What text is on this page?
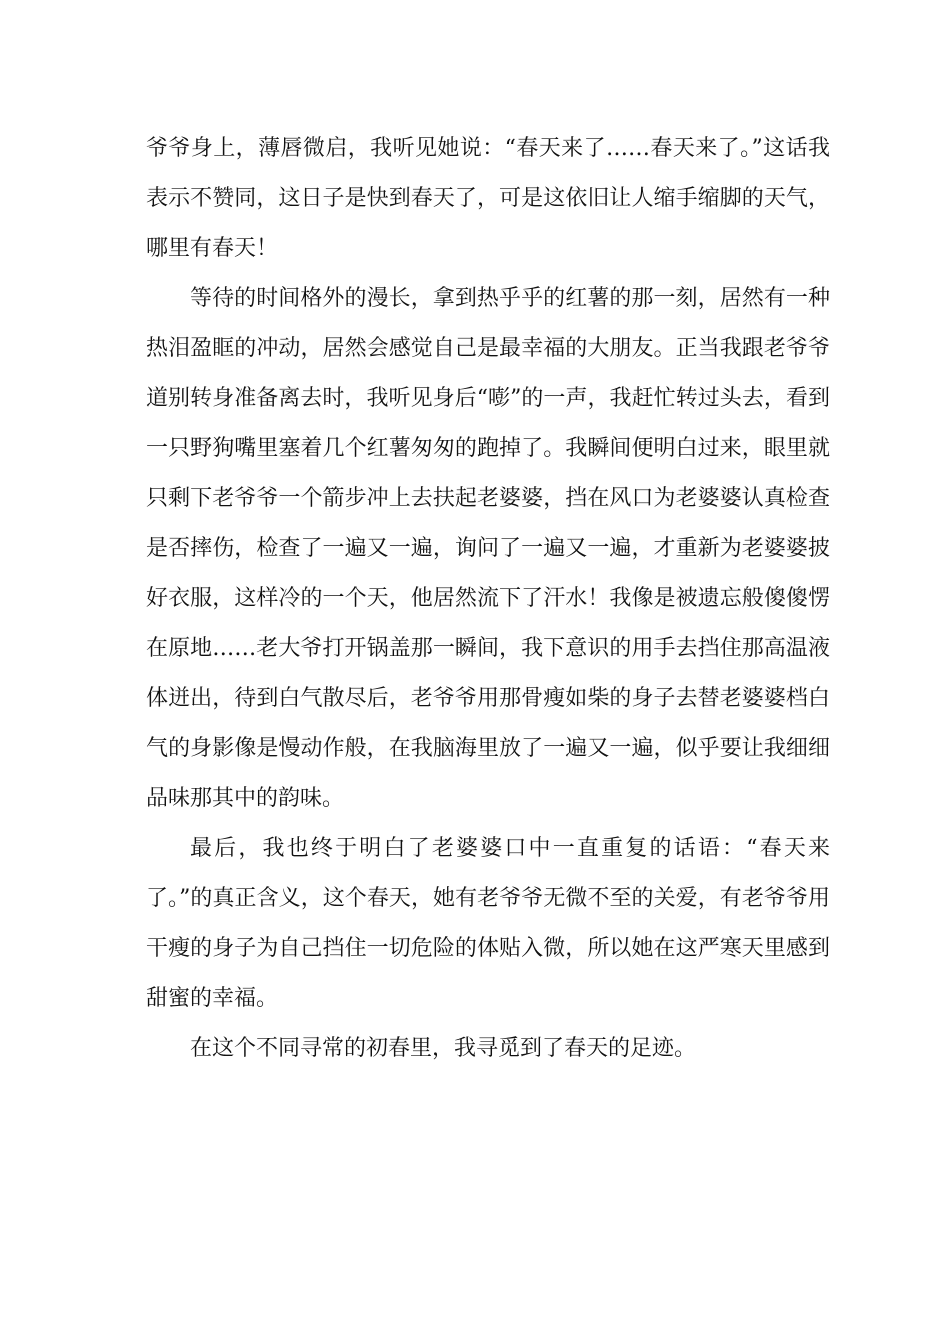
爷爷身上，薄唇微启，我听见她说：“春天来了……春天来了。”这话我表示不赞同，这日子是快到春天了，可是这依旧让人缩手缩脚的天气，哪里有春天！

等待的时间格外的漫长，拿到热乎乎的红薯的那一刻，居然有一种热泪盈眶的冲动，居然会感觉自己是最幸福的大朋友。正当我跟老爷爷道别转身准备离去时，我听见身后“嘭”的一声，我赶忙转过头去，看到一只野狗嘴里塞着几个红薯匆匆的跑掉了。我瞬间便明白过来，眼里就只剩下老爷爷一个箭步冲上去扶起老婆婆，挡在风口为老婆婆认真检查是否摔伤，检查了一遍又一遍，询问了一遍又一遍，才重新为老婆婆披好衣服，这样冷的一个天，他居然流下了汗水！我像是被遗忘般傻傻愣在原地……老大爷打开锅盖那一瞬间，我下意识的用手去挡住那高温液体迸出，待到白气散尽后，老爷爷用那骨瘦如柴的身子去替老婆婆档白气的身影像是慢动作般，在我脑海里放了一遍又一遍，似乎要让我细细品味那其中的韵味。

最后，我也终于明白了老婆婆口中一直重复的话语：“春天来了。”的真正含义，这个春天，她有老爷爷无微不至的关爱，有老爷爷用干瘦的身子为自己挡住一切危险的体贴入微，所以她在这严寒天里感到甜蜜的幸福。

在这个不同寻常的初春里，我寻觅到了春天的足迹。
